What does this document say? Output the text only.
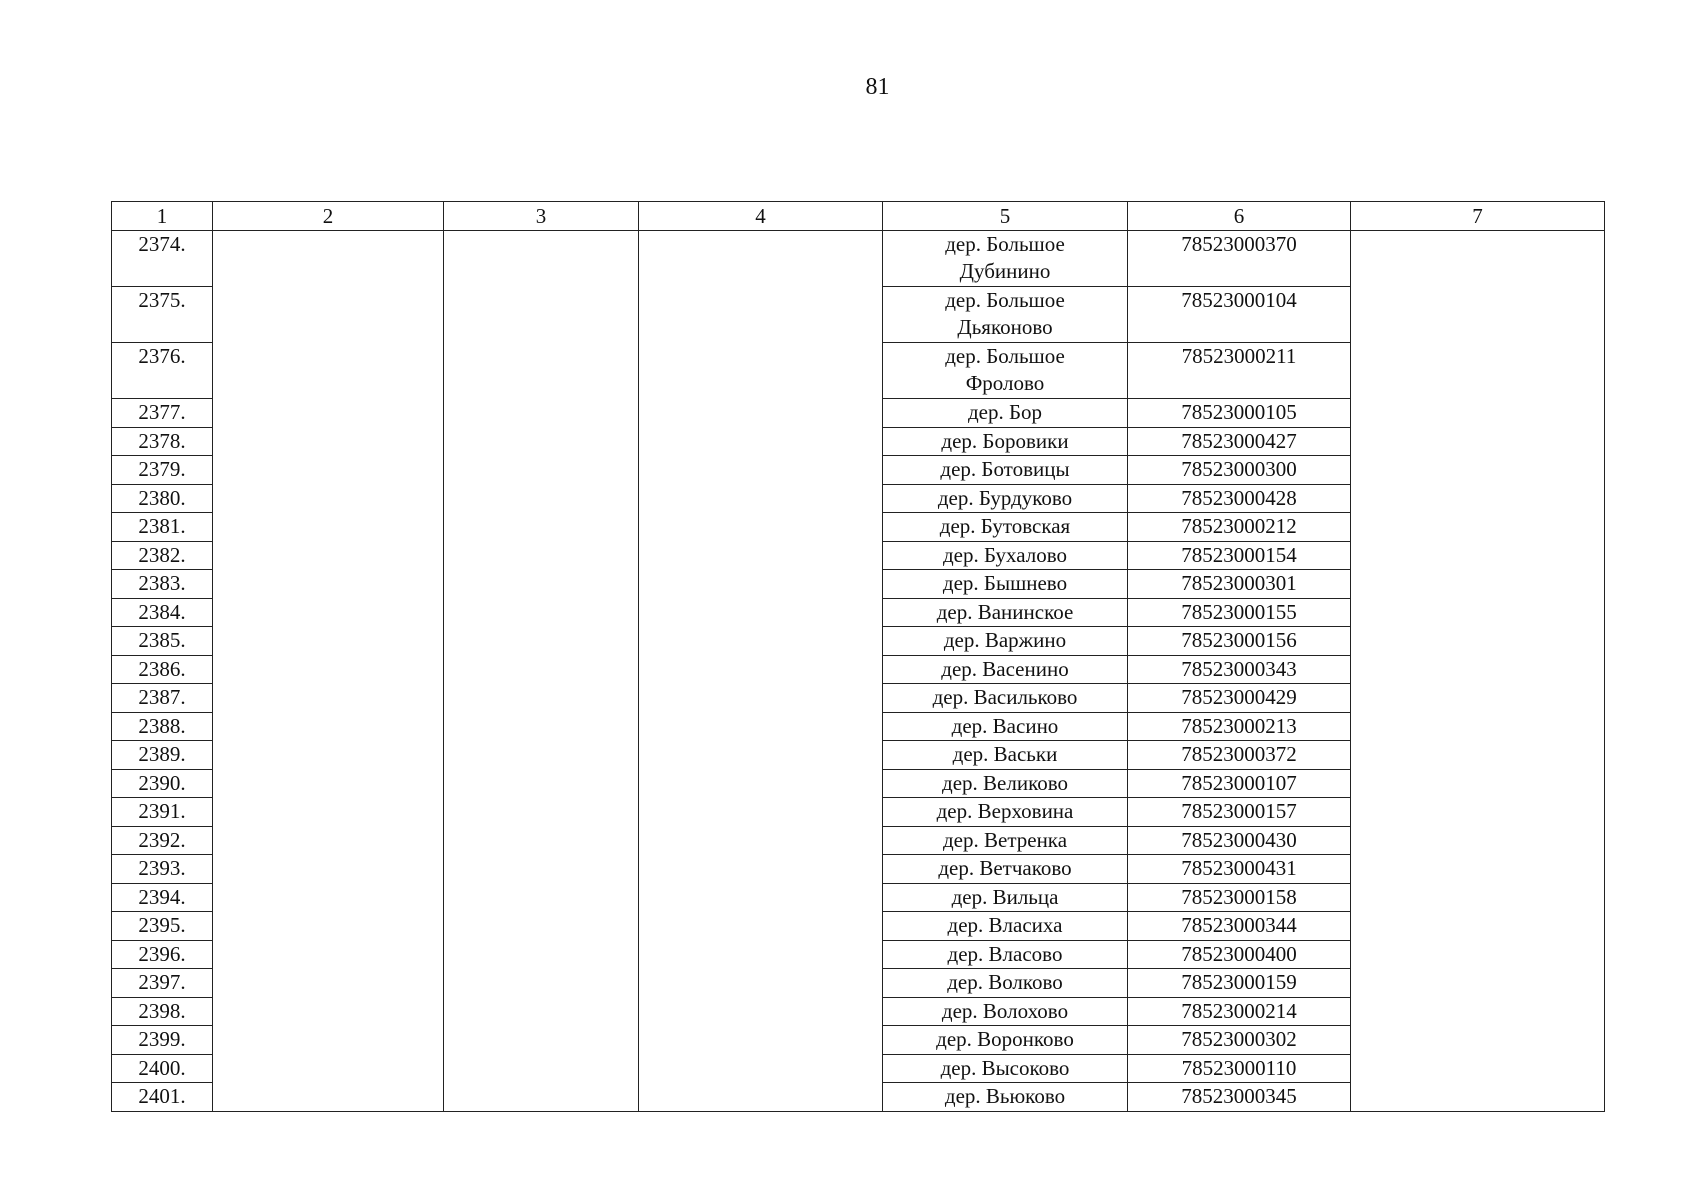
81
1	2	3	4	5	6	7
2374.				дер. Большое Дубинино	78523000370	
2375.				дер. Большое Дьяконово	78523000104	
2376.				дер. Большое Фролово	78523000211	
2377.				дер. Бор	78523000105	
2378.				дер. Боровики	78523000427	
2379.				дер. Ботовицы	78523000300	
2380.				дер. Бурдуково	78523000428	
2381.				дер. Бутовская	78523000212	
2382.				дер. Бухалово	78523000154	
2383.				дер. Бышнево	78523000301	
2384.				дер. Ванинское	78523000155	
2385.				дер. Варжино	78523000156	
2386.				дер. Васенино	78523000343	
2387.				дер. Васильково	78523000429	
2388.				дер. Васино	78523000213	
2389.				дер. Васьки	78523000372	
2390.				дер. Великово	78523000107	
2391.				дер. Верховина	78523000157	
2392.				дер. Ветренка	78523000430	
2393.				дер. Ветчаково	78523000431	
2394.				дер. Вильца	78523000158	
2395.				дер. Власиха	78523000344	
2396.				дер. Власово	78523000400	
2397.				дер. Волково	78523000159	
2398.				дер. Волохово	78523000214	
2399.				дер. Воронково	78523000302	
2400.				дер. Высоково	78523000110	
2401.				дер. Вьюково	78523000345	
